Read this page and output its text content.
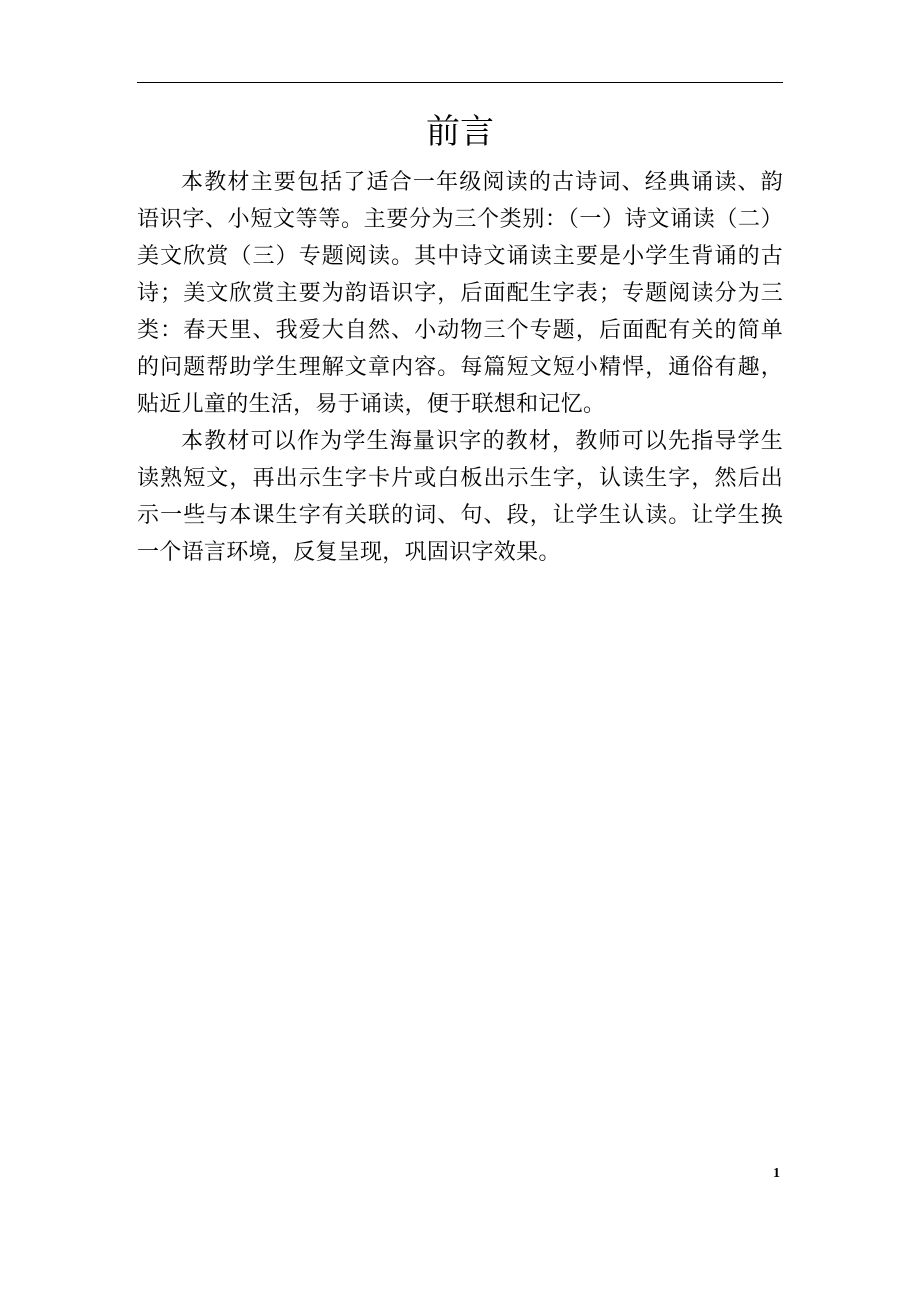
前言

本教材主要包括了适合一年级阅读的古诗词、经典诵读、韵语识字、小短文等等。主要分为三个类别：（一）诗文诵读（二）美文欣赏（三）专题阅读。其中诗文诵读主要是小学生背诵的古诗；美文欣赏主要为韵语识字，后面配生字表；专题阅读分为三类：春天里、我爱大自然、小动物三个专题，后面配有关的简单的问题帮助学生理解文章内容。每篇短文短小精悍，通俗有趣，贴近儿童的生活，易于诵读，便于联想和记忆。

本教材可以作为学生海量识字的教材，教师可以先指导学生读熟短文，再出示生字卡片或白板出示生字，认读生字，然后出示一些与本课生字有关联的词、句、段，让学生认读。让学生换一个语言环境，反复呈现，巩固识字效果。

1
